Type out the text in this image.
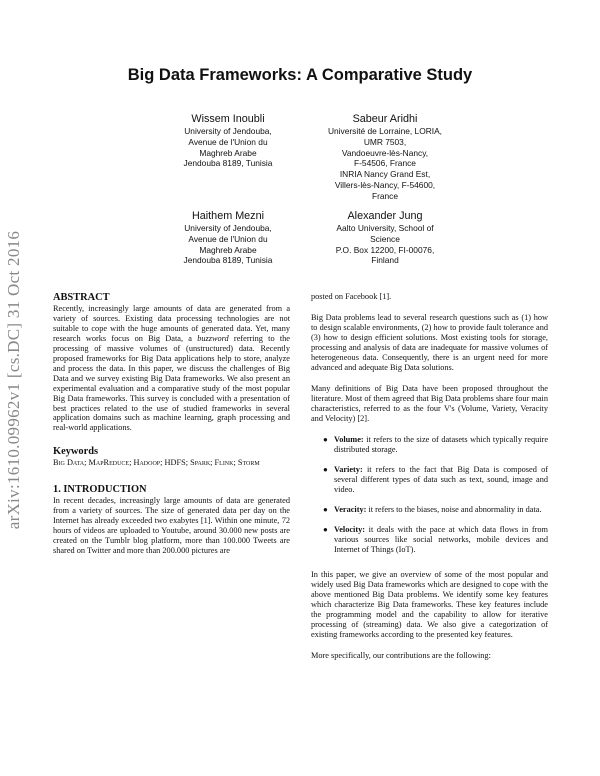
arXiv:1610.09962v1 [cs.DC] 31 Oct 2016
Big Data Frameworks: A Comparative Study
Wissem Inoubli
University of Jendouba,
Avenue de l'Union du
Maghreb Arabe
Jendouba 8189, Tunisia
Sabeur Aridhi
Université de Lorraine, LORIA,
UMR 7503,
Vandoeuvre-lès-Nancy,
F-54506, France
INRIA Nancy Grand Est,
Villers-lès-Nancy, F-54600,
France
Haithem Mezni
University of Jendouba,
Avenue de l'Union du
Maghreb Arabe
Jendouba 8189, Tunisia
Alexander Jung
Aalto University, School of
Science
P.O. Box 12200, FI-00076,
Finland
ABSTRACT

Recently, increasingly large amounts of data are generated from a variety of sources. Existing data processing technologies are not suitable to cope with the huge amounts of generated data. Yet, many research works focus on Big Data, a buzzword referring to the processing of massive volumes of (unstructured) data. Recently proposed frameworks for Big Data applications help to store, analyze and process the data. In this paper, we discuss the challenges of Big Data and we survey existing Big Data frameworks. We also present an experimental evaluation and a comparative study of the most popular Big Data frameworks. This survey is concluded with a presentation of best practices related to the use of studied frameworks in several application domains such as machine learning, graph processing and real-world applications.

Keywords

Big Data; MapReduce; Hadoop; HDFS; Spark; Flink; Storm

1. INTRODUCTION

In recent decades, increasingly large amounts of data are generated from a variety of sources. The size of generated data per day on the Internet has already exceeded two exabytes [1]. Within one minute, 72 hours of videos are uploaded to Youtube, around 30.000 new posts are created on the Tumblr blog platform, more than 100.000 Tweets are shared on Twitter and more than 200.000 pictures are

posted on Facebook [1].

Big Data problems lead to several research questions such as (1) how to design scalable environments, (2) how to provide fault tolerance and (3) how to design efficient solutions. Most existing tools for storage, processing and analysis of data are inadequate for massive volumes of heterogeneous data. Consequently, there is an urgent need for more advanced and adequate Big Data solutions.

Many definitions of Big Data have been proposed throughout the literature. Most of them agreed that Big Data problems share four main characteristics, referred to as the four V's (Volume, Variety, Veracity and Velocity) [2].

● Volume: it refers to the size of datasets which typically require distributed storage.
● Variety: it refers to the fact that Big Data is composed of several different types of data such as text, sound, image and video.
● Veracity: it refers to the biases, noise and abnormality in data.
● Velocity: it deals with the pace at which data flows in from various sources like social networks, mobile devices and Internet of Things (IoT).

In this paper, we give an overview of some of the most popular and widely used Big Data frameworks which are designed to cope with the above mentioned Big Data problems. We identify some key features which characterize Big Data frameworks. These key features include the programming model and the capability to allow for iterative processing of (streaming) data. We also give a categorization of existing frameworks according to the presented key features.

More specifically, our contributions are the following:
